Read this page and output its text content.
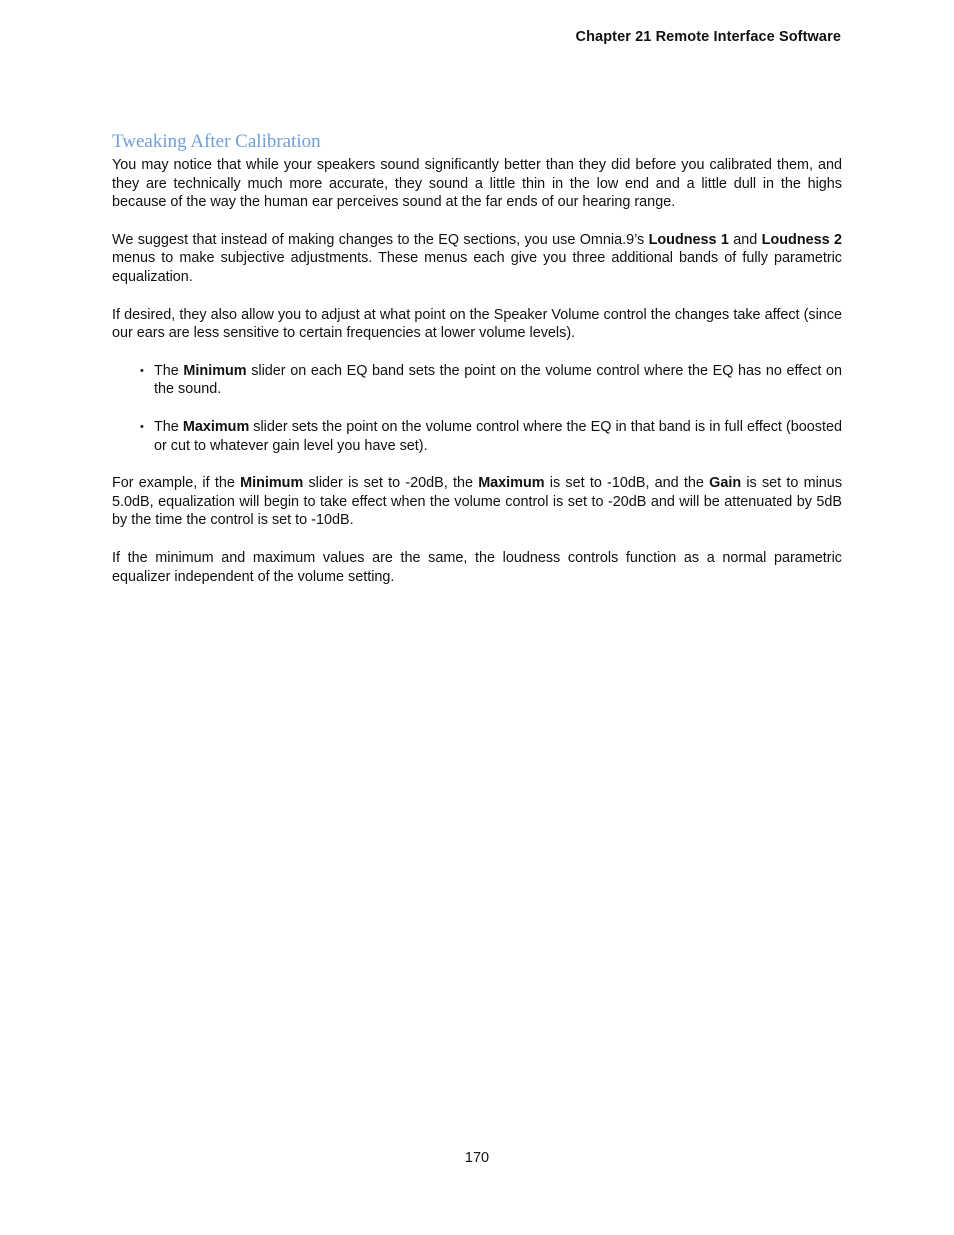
Chapter 21 Remote Interface Software
Tweaking After Calibration

You may notice that while your speakers sound significantly better than they did before you calibrated them, and they are technically much more accurate, they sound a little thin in the low end and a little dull in the highs because of the way the human ear perceives sound at the far ends of our hearing range.

We suggest that instead of making changes to the EQ sections, you use Omnia.9’s Loudness 1 and Loudness 2 menus to make subjective adjustments. These menus each give you three additional bands of fully parametric equalization.

If desired, they also allow you to adjust at what point on the Speaker Volume control the changes take affect (since our ears are less sensitive to certain frequencies at lower volume levels).

• The Minimum slider on each EQ band sets the point on the volume control where the EQ has no effect on the sound.
• The Maximum slider sets the point on the volume control where the EQ in that band is in full effect (boosted or cut to whatever gain level you have set).

For example, if the Minimum slider is set to -20dB, the Maximum is set to -10dB, and the Gain is set to minus 5.0dB, equalization will begin to take effect when the volume control is set to -20dB and will be attenuated by 5dB by the time the control is set to -10dB.

If the minimum and maximum values are the same, the loudness controls function as a normal parametric equalizer independent of the volume setting.

170
